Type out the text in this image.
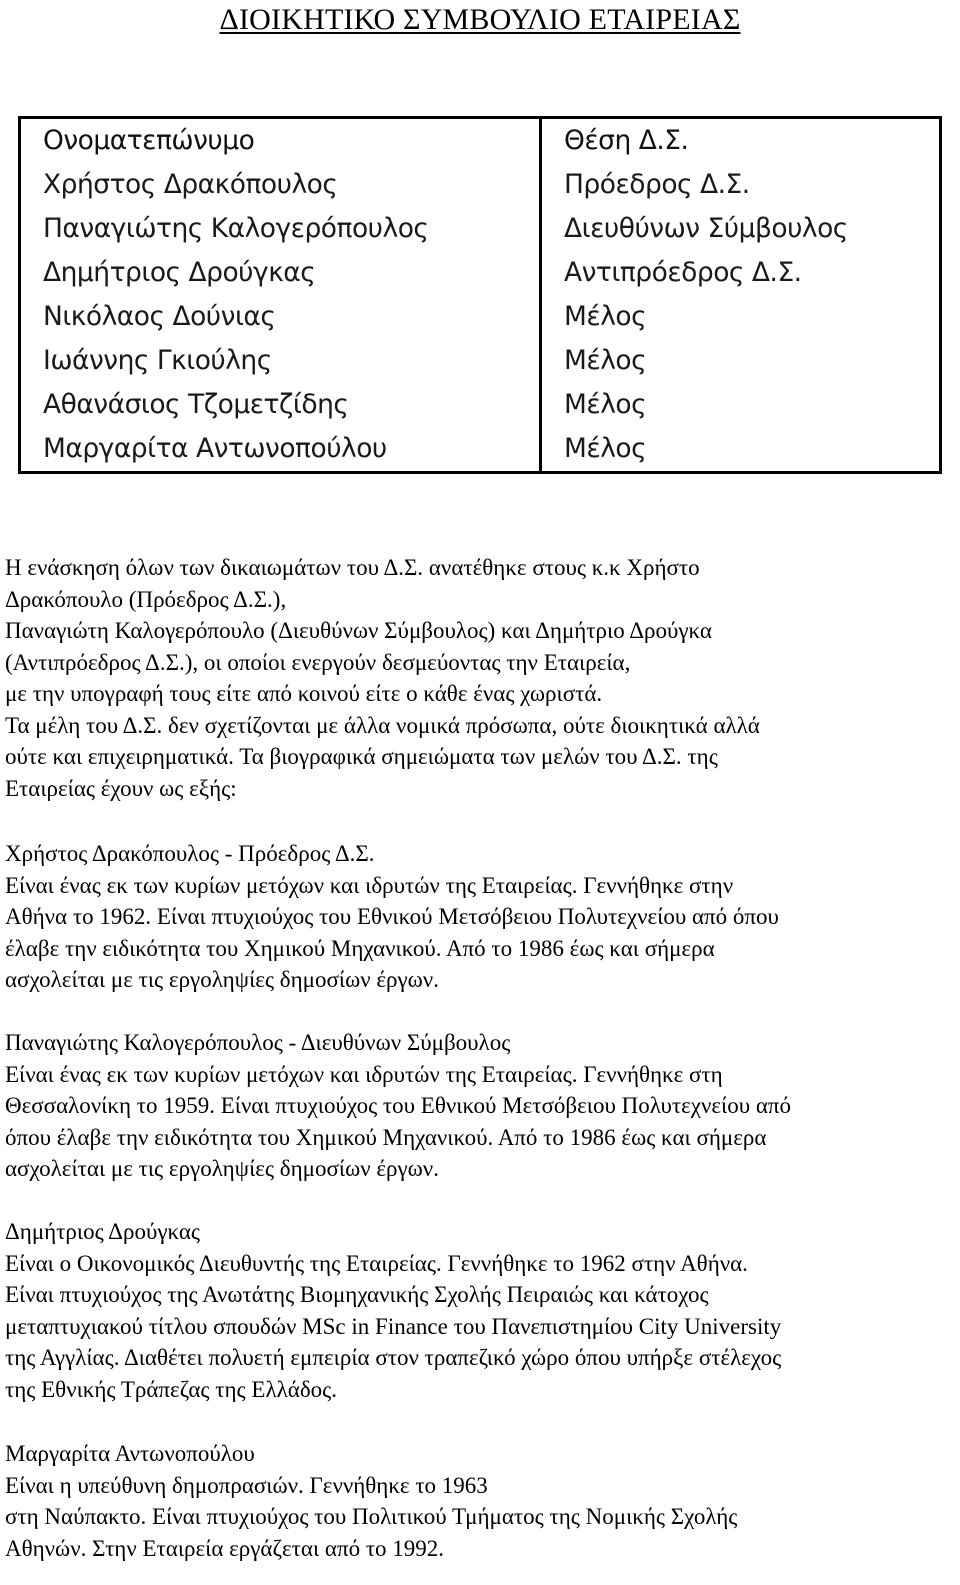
ΔΙΟΙΚΗΤΙΚΟ ΣΥΜΒΟΥΛΙΟ ΕΤΑΙΡΕΙΑΣ
Ονοματεπώνυμο	Θέση Δ.Σ.
Χρήστος Δρακόπουλος	Πρόεδρος Δ.Σ.
Παναγιώτης Καλογερόπουλος	Διευθύνων Σύμβουλος
Δημήτριος Δρούγκας	Αντιπρόεδρος Δ.Σ.
Νικόλαος Δούνιας	Μέλος
Ιωάννης Γκιούλης	Μέλος
Αθανάσιος Τζομετζίδης	Μέλος
Μαργαρίτα Αντωνοπούλου	Μέλος
Η ενάσκηση όλων των δικαιωμάτων του Δ.Σ. ανατέθηκε στους κ.κ Χρήστο
Δρακόπουλο (Πρόεδρος Δ.Σ.),
Παναγιώτη Καλογερόπουλο (Διευθύνων Σύμβουλος) και Δημήτριο Δρούγκα
(Αντιπρόεδρος Δ.Σ.), οι οποίοι ενεργούν δεσμεύοντας την Εταιρεία,
με την υπογραφή τους είτε από κοινού είτε ο κάθε ένας χωριστά.
Τα μέλη του Δ.Σ. δεν σχετίζονται με άλλα νομικά πρόσωπα, ούτε διοικητικά αλλά
ούτε και επιχειρηματικά. Τα βιογραφικά σημειώματα των μελών του Δ.Σ. της
Εταιρείας έχουν ως εξής:
Χρήστος Δρακόπουλος - Πρόεδρος Δ.Σ.
Είναι ένας εκ των κυρίων μετόχων και ιδρυτών της Εταιρείας. Γεννήθηκε στην
Αθήνα το 1962. Είναι πτυχιούχος του Εθνικού Μετσόβειου Πολυτεχνείου από όπου
έλαβε την ειδικότητα του Χημικού Μηχανικού. Από το 1986 έως και σήμερα
ασχολείται με τις εργοληψίες δημοσίων έργων.
Παναγιώτης Καλογερόπουλος - Διευθύνων Σύμβουλος
Είναι ένας εκ των κυρίων μετόχων και ιδρυτών της Εταιρείας. Γεννήθηκε στη
Θεσσαλονίκη το 1959. Είναι πτυχιούχος του Εθνικού Μετσόβειου Πολυτεχνείου από
όπου έλαβε την ειδικότητα του Χημικού Μηχανικού. Από το 1986 έως και σήμερα
ασχολείται με τις εργοληψίες δημοσίων έργων.
Δημήτριος Δρούγκας
Είναι ο Οικονομικός Διευθυντής της Εταιρείας. Γεννήθηκε το 1962 στην Αθήνα.
Είναι πτυχιούχος της Ανωτάτης Βιομηχανικής Σχολής Πειραιώς και κάτοχος
μεταπτυχιακού τίτλου σπουδών MSc in Finance του Πανεπιστημίου City University
της Αγγλίας. Διαθέτει πολυετή εμπειρία στον τραπεζικό χώρο όπου υπήρξε στέλεχος
της Εθνικής Τράπεζας της Ελλάδος.
Μαργαρίτα Αντωνοπούλου
Είναι η υπεύθυνη δημοπρασιών. Γεννήθηκε το 1963
στη Ναύπακτο. Είναι πτυχιούχος του Πολιτικού Τμήματος της Νομικής Σχολής
Αθηνών. Στην Εταιρεία εργάζεται από το 1992.
